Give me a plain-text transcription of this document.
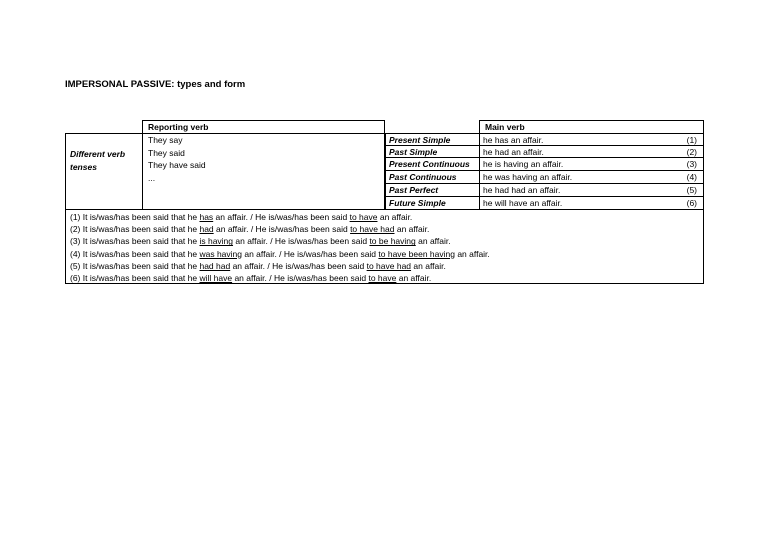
IMPERSONAL PASSIVE: types and form
Reporting verb	Main verb
Different verb tenses
They say
They said
They have said
...
Present Simple	he has an affair.	(1)
Past Simple	he had an affair.	(2)
Present Continuous	he is having an affair.	(3)
Past Continuous	he was having an affair.	(4)
Past Perfect	he had had an affair.	(5)
Future Simple	he will have an affair.	(6)
(1) It is/was/has been said that he has an affair. / He is/was/has been said to have an affair.
(2) It is/was/has been said that he had an affair. / He is/was/has been said to have had an affair.
(3) It is/was/has been said that he is having an affair. / He is/was/has been said to be having an affair.
(4) It is/was/has been said that he was having an affair. / He is/was/has been said to have been having an affair.
(5) It is/was/has been said that he had had an affair. / He is/was/has been said to have had an affair.
(6) It is/was/has been said that he will have an affair. / He is/was/has been said to have an affair.
